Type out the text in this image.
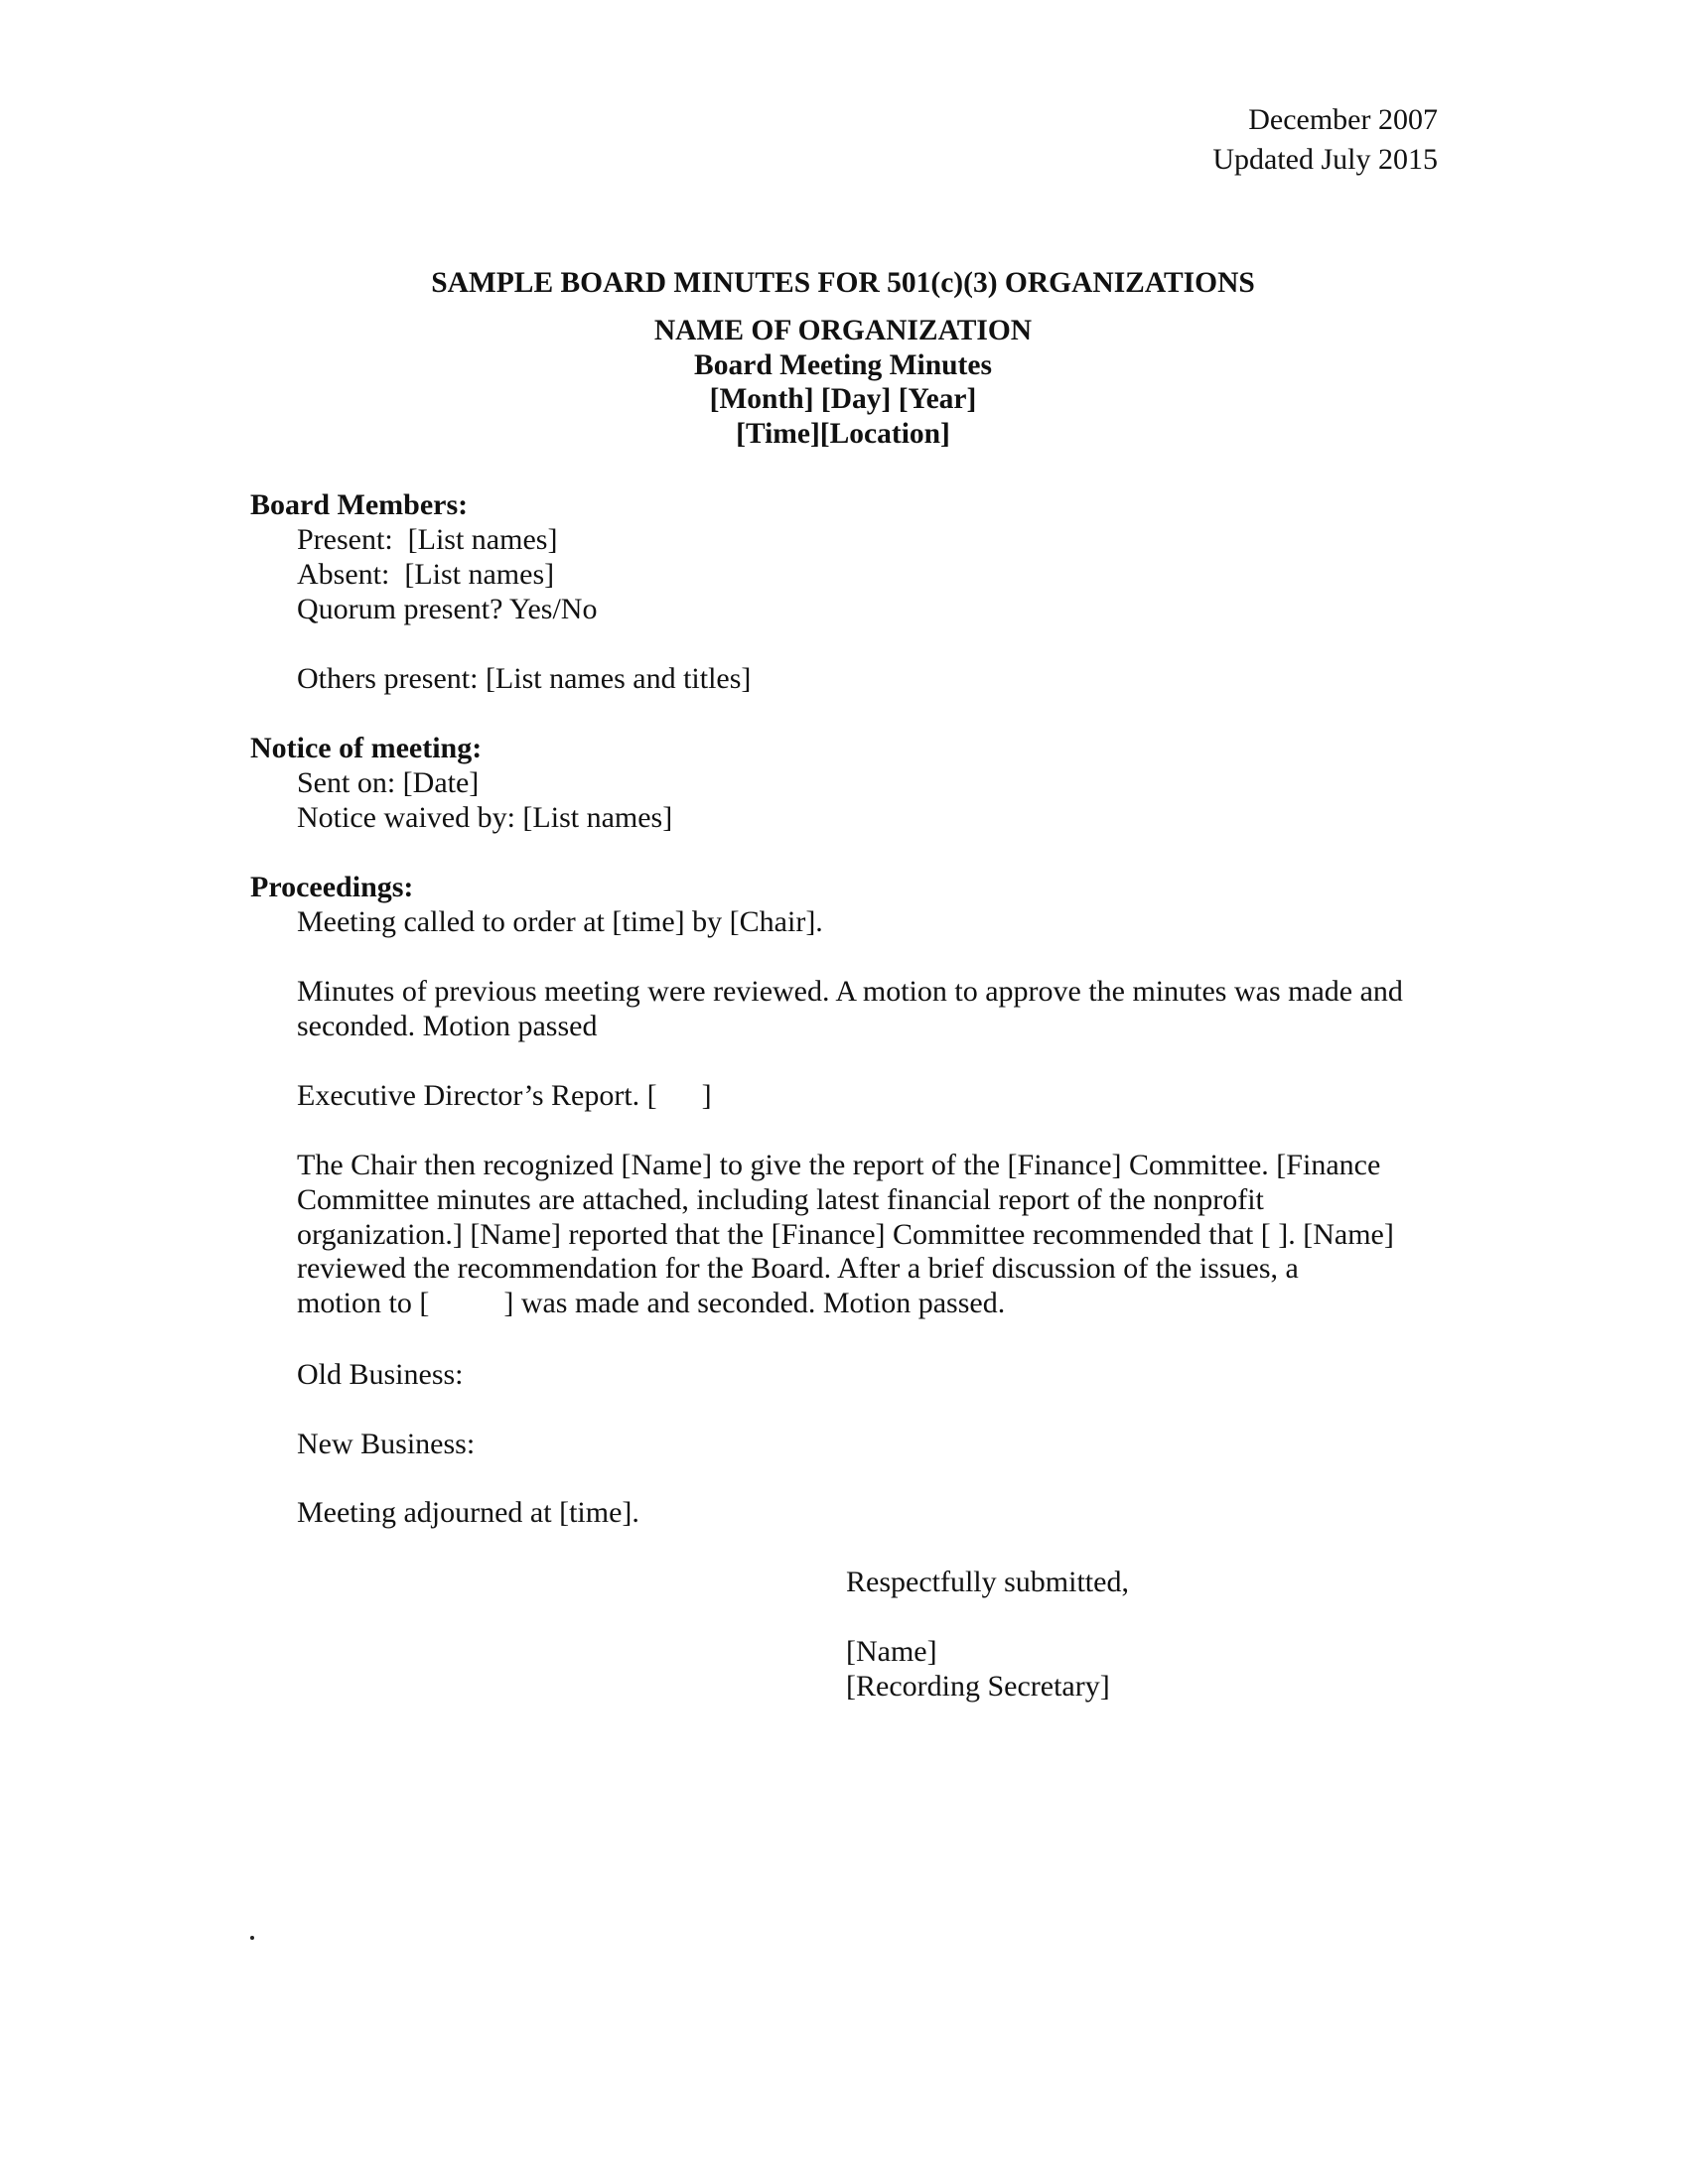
December 2007
Updated July 2015
SAMPLE BOARD MINUTES FOR 501(c)(3) ORGANIZATIONS
NAME OF ORGANIZATION
Board Meeting Minutes
[Month] [Day] [Year]
[Time][Location]
Board Members:
Present:  [List names]
Absent:  [List names]
Quorum present? Yes/No
Others present: [List names and titles]
Notice of meeting:
Sent on: [Date]
Notice waived by: [List names]
Proceedings:
Meeting called to order at [time] by [Chair].
Minutes of previous meeting were reviewed. A motion to approve the minutes was made and
seconded. Motion passed
Executive Director’s Report. [      ]
The Chair then recognized [Name] to give the report of the [Finance] Committee. [Finance
Committee minutes are attached, including latest financial report of the nonprofit
organization.] [Name] reported that the [Finance] Committee recommended that [ ]. [Name]
reviewed the recommendation for the Board. After a brief discussion of the issues, a
motion to [          ] was made and seconded. Motion passed.
Old Business:
New Business:
Meeting adjourned at [time].
Respectfully submitted,
[Name]
[Recording Secretary]
